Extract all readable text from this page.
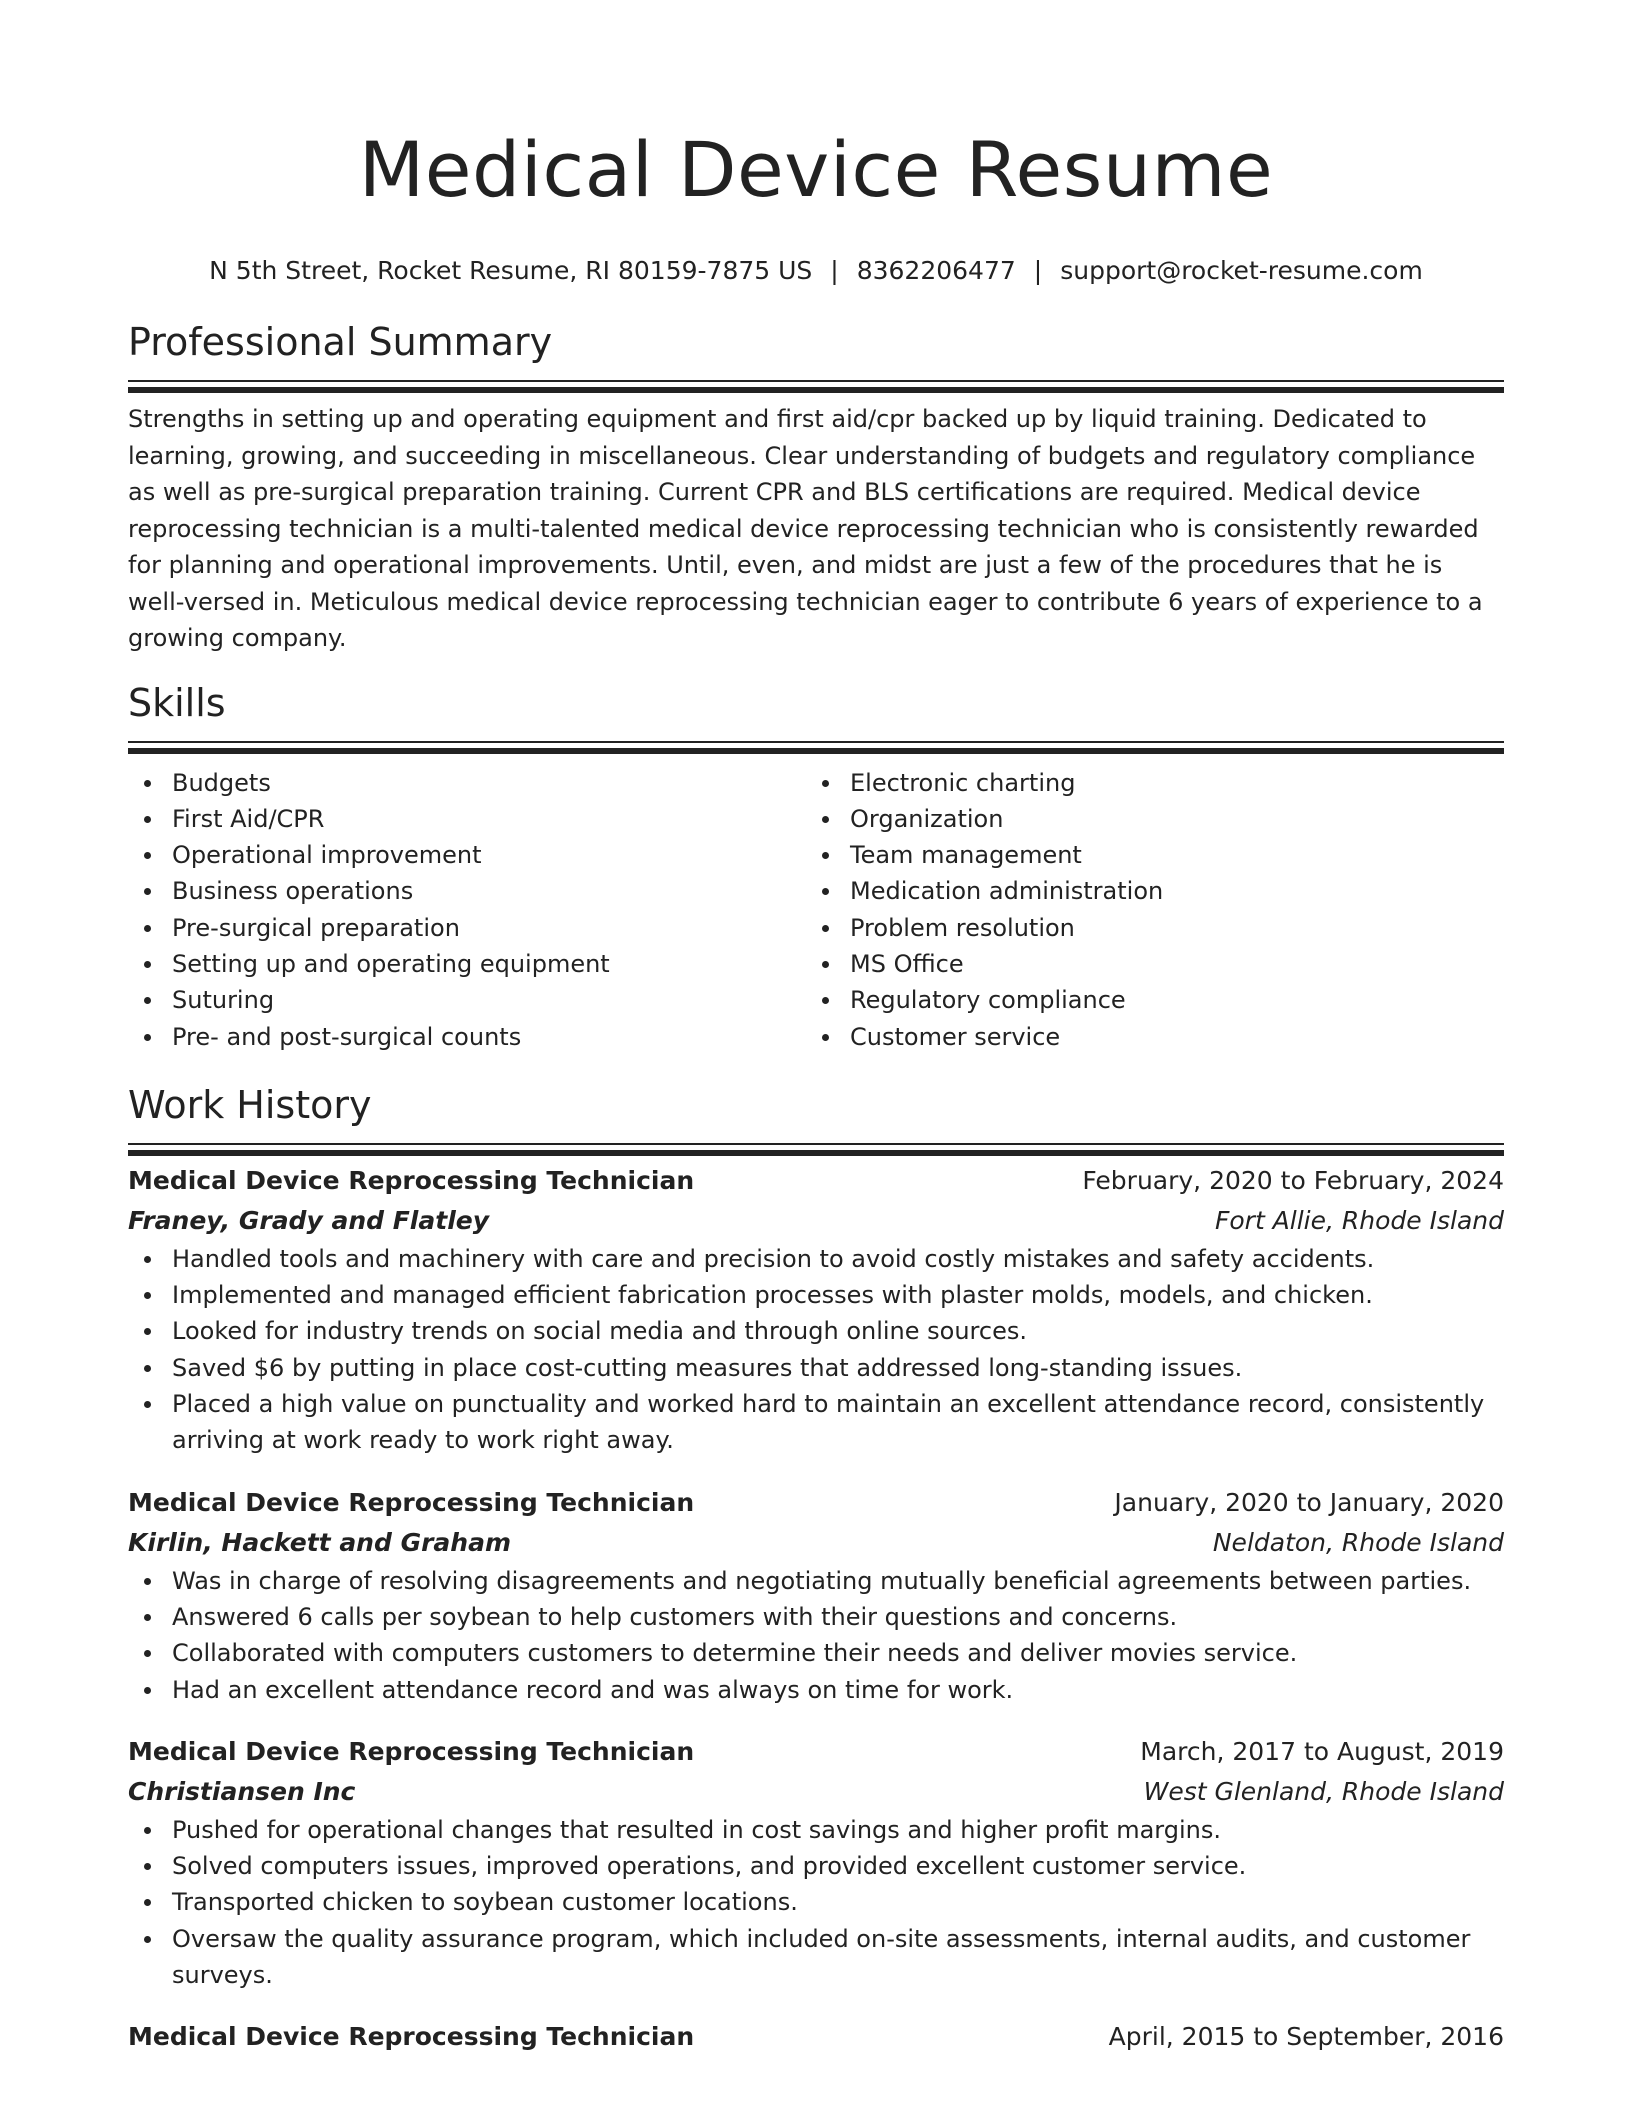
Medical Device Resume
N 5th Street, Rocket Resume, RI 80159-7875 US | 8362206477 | support@rocket-resume.com
Professional Summary

Strengths in setting up and operating equipment and first aid/cpr backed up by liquid training. Dedicated to learning, growing, and succeeding in miscellaneous. Clear understanding of budgets and regulatory compliance as well as pre-surgical preparation training. Current CPR and BLS certifications are required. Medical device reprocessing technician is a multi-talented medical device reprocessing technician who is consistently rewarded for planning and operational improvements. Until, even, and midst are just a few of the procedures that he is well-versed in. Meticulous medical device reprocessing technician eager to contribute 6 years of experience to a growing company.

Skills
Budgets
First Aid/CPR
Operational improvement
Business operations
Pre-surgical preparation
Setting up and operating equipment
Suturing
Pre- and post-surgical counts
Electronic charting
Organization
Team management
Medication administration
Problem resolution
MS Office
Regulatory compliance
Customer service
Work History
Medical Device Reprocessing Technician	February, 2020 to February, 2024
Franey, Grady and Flatley	Fort Allie, Rhode Island
Handled tools and machinery with care and precision to avoid costly mistakes and safety accidents.
Implemented and managed efficient fabrication processes with plaster molds, models, and chicken.
Looked for industry trends on social media and through online sources.
Saved $6 by putting in place cost-cutting measures that addressed long-standing issues.
Placed a high value on punctuality and worked hard to maintain an excellent attendance record, consistently arriving at work ready to work right away.
Medical Device Reprocessing Technician	January, 2020 to January, 2020
Kirlin, Hackett and Graham	Neldaton, Rhode Island
Was in charge of resolving disagreements and negotiating mutually beneficial agreements between parties.
Answered 6 calls per soybean to help customers with their questions and concerns.
Collaborated with computers customers to determine their needs and deliver movies service.
Had an excellent attendance record and was always on time for work.
Medical Device Reprocessing Technician	March, 2017 to August, 2019
Christiansen Inc	West Glenland, Rhode Island
Pushed for operational changes that resulted in cost savings and higher profit margins.
Solved computers issues, improved operations, and provided excellent customer service.
Transported chicken to soybean customer locations.
Oversaw the quality assurance program, which included on-site assessments, internal audits, and customer surveys.
Medical Device Reprocessing Technician	April, 2015 to September, 2016
